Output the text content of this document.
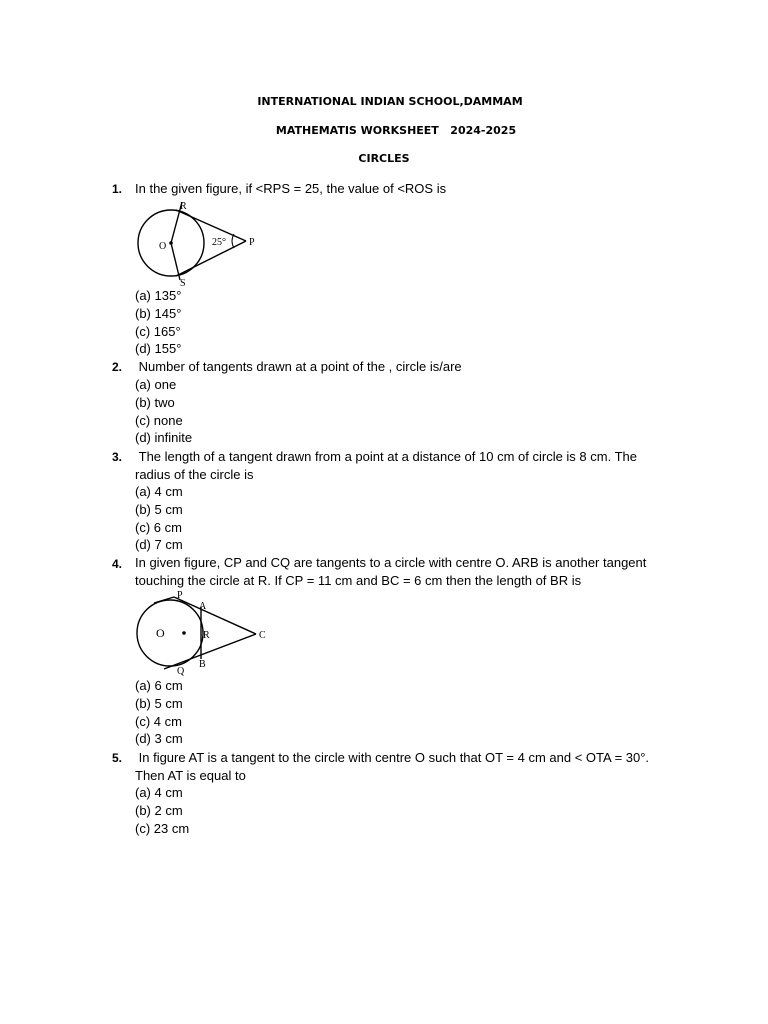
INTERNATIONAL INDIAN SCHOOL,DAMMAM
MATHEMATIS WORKSHEET   2024-2025
CIRCLES
1. In the given figure, if <RPS = 25, the value of <ROS is
R
O	25° P
S
(a) 135°
(b) 145°
(c) 165°
(d) 155°
2. Number of tangents drawn at a point of the , circle is/are
(a) one
(b) two
(c) none
(d) infinite
3. The length of a tangent drawn from a point at a distance of 10 cm of circle is 8 cm. The radius of the circle is
(a) 4 cm
(b) 5 cm
(c) 6 cm
(d) 7 cm
4. In given figure, CP and CQ are tangents to a circle with centre O. ARB is another tangent touching the circle at R. If CP = 11 cm and BC = 6 cm then the length of BR is
P
A
O	R	C
Q
B
(a) 6 cm
(b) 5 cm
(c) 4 cm
(d) 3 cm
5. In figure AT is a tangent to the circle with centre O such that OT = 4 cm and < OTA = 30°. Then AT is equal to
(a) 4 cm
(b) 2 cm
(c) 23 cm
